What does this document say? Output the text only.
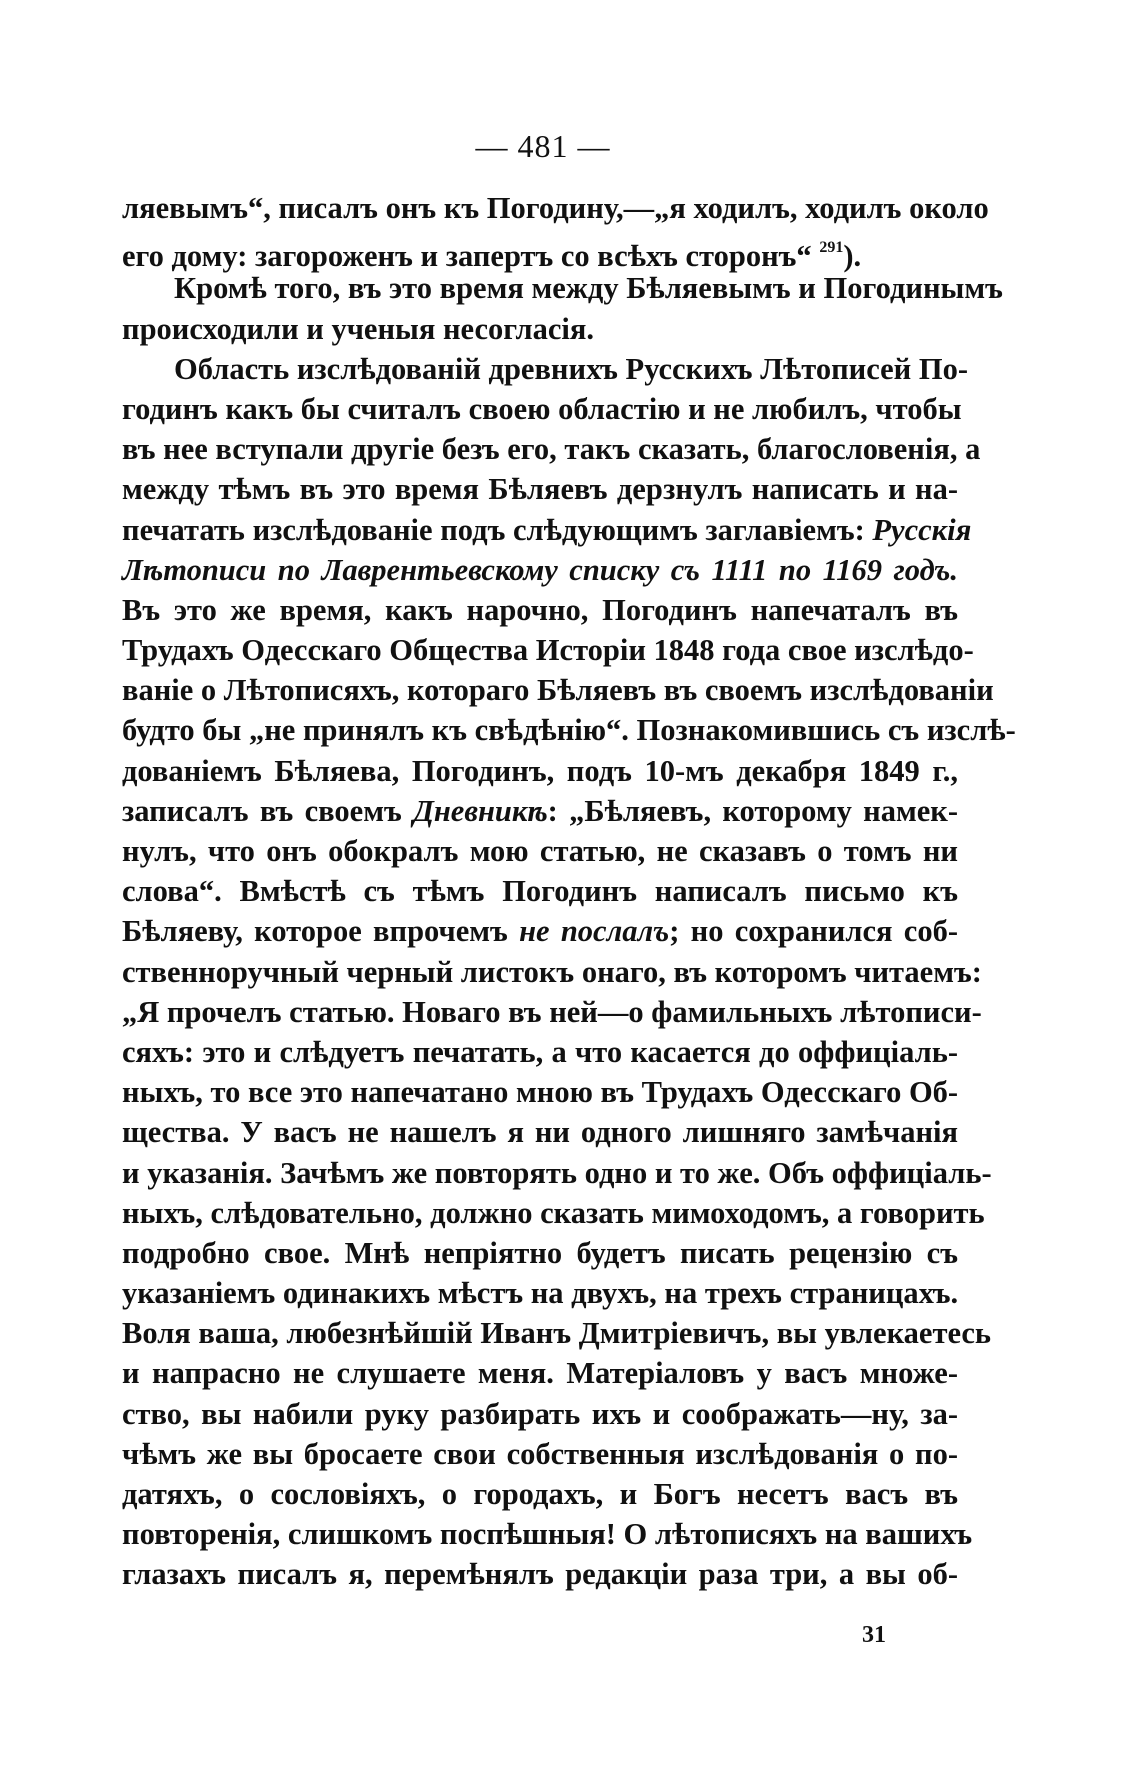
— 481 —
ляевымъ“, писалъ онъ къ Погодину,—„я ходилъ, ходилъ около
его дому: загороженъ и запертъ со всѣхъ сторонъ“ $^{291}$).
Кромѣ того, въ это время между Бѣляевымъ и Погодинымъ
происходили и ученыя несогласія.
Область изслѣдованій древнихъ Русскихъ Лѣтописей По-
годинъ какъ бы считалъ своею областію и не любилъ, чтобы
въ нее вступали другіе безъ его, такъ сказать, благословенія, а
между тѣмъ въ это время Бѣляевъ дерзнулъ написать и на-
печатать изслѣдованіе подъ слѣдующимъ заглавіемъ: Русскія
Лѣтописи по Лаврентьевскому списку съ 1111 по 1169 годъ.
Въ это же время, какъ нарочно, Погодинъ напечаталъ въ
Трудахъ Одесскаго Общества Исторіи 1848 года свое изслѣдо-
ваніе о Лѣтописяхъ, котораго Бѣляевъ въ своемъ изслѣдованіи
будто бы „не принялъ къ свѣдѣнію“. Познакомившись съ изслѣ-
дованіемъ Бѣляева, Погодинъ, подъ 10-мъ декабря 1849 г.,
записалъ въ своемъ Дневникѣ: „Бѣляевъ, которому намек-
нулъ, что онъ обокралъ мою статью, не сказавъ о томъ ни
слова“. Вмѣстѣ съ тѣмъ Погодинъ написалъ письмо къ
Бѣляеву, которое впрочемъ не послалъ; но сохранился соб-
ственноручный черный листокъ онаго, въ которомъ читаемъ:
„Я прочелъ статью. Новаго въ ней—о фамильныхъ лѣтописи-
сяхъ: это и слѣдуетъ печатать, а что касается до оффиціаль-
ныхъ, то все это напечатано мною въ Трудахъ Одесскаго Об-
щества. У васъ не нашелъ я ни одного лишняго замѣчанія
и указанія. Зачѣмъ же повторять одно и то же. Объ оффиціаль-
ныхъ, слѣдовательно, должно сказать мимоходомъ, а говорить
подробно свое. Мнѣ непріятно будетъ писать рецензію съ
указаніемъ одинакихъ мѣстъ на двухъ, на трехъ страницахъ.
Воля ваша, любезнѣйшій Иванъ Дмитріевичъ, вы увлекаетесь
и напрасно не слушаете меня. Матеріаловъ у васъ множе-
ство, вы набили руку разбирать ихъ и соображать—ну, за-
чѣмъ же вы бросаете свои собственныя изслѣдованія о по-
датяхъ, о сословіяхъ, о городахъ, и Богъ несетъ васъ въ
повторенія, слишкомъ поспѣшныя! О лѣтописяхъ на вашихъ
глазахъ писалъ я, перемѣнялъ редакціи раза три, а вы об-
31
